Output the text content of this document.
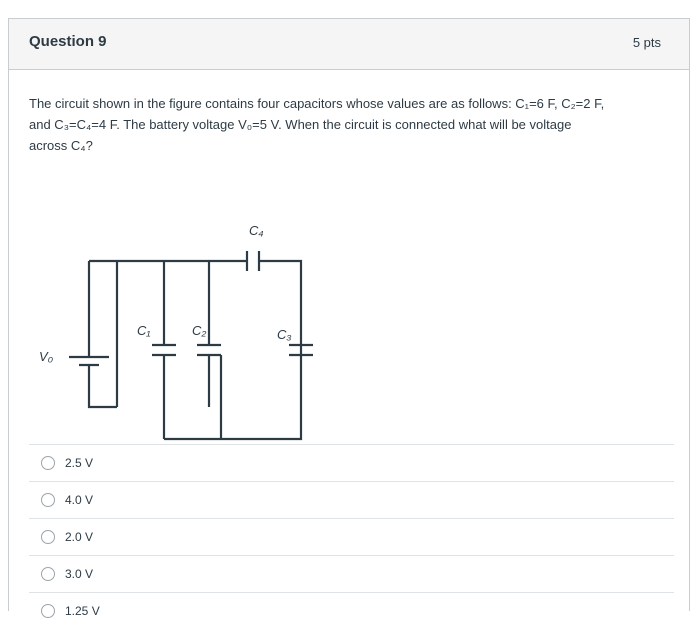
Question 9	5 pts
The circuit shown in the figure contains four capacitors whose values are as follows: C₁=6 F, C₂=2 F,
and C₃=C₄=4 F. The battery voltage V₀=5 V. When the circuit is connected what will be voltage
across C₄?
C₄
C₁	C₂	C₃
V₀
2.5 V
4.0 V
2.0 V
3.0 V
1.25 V
